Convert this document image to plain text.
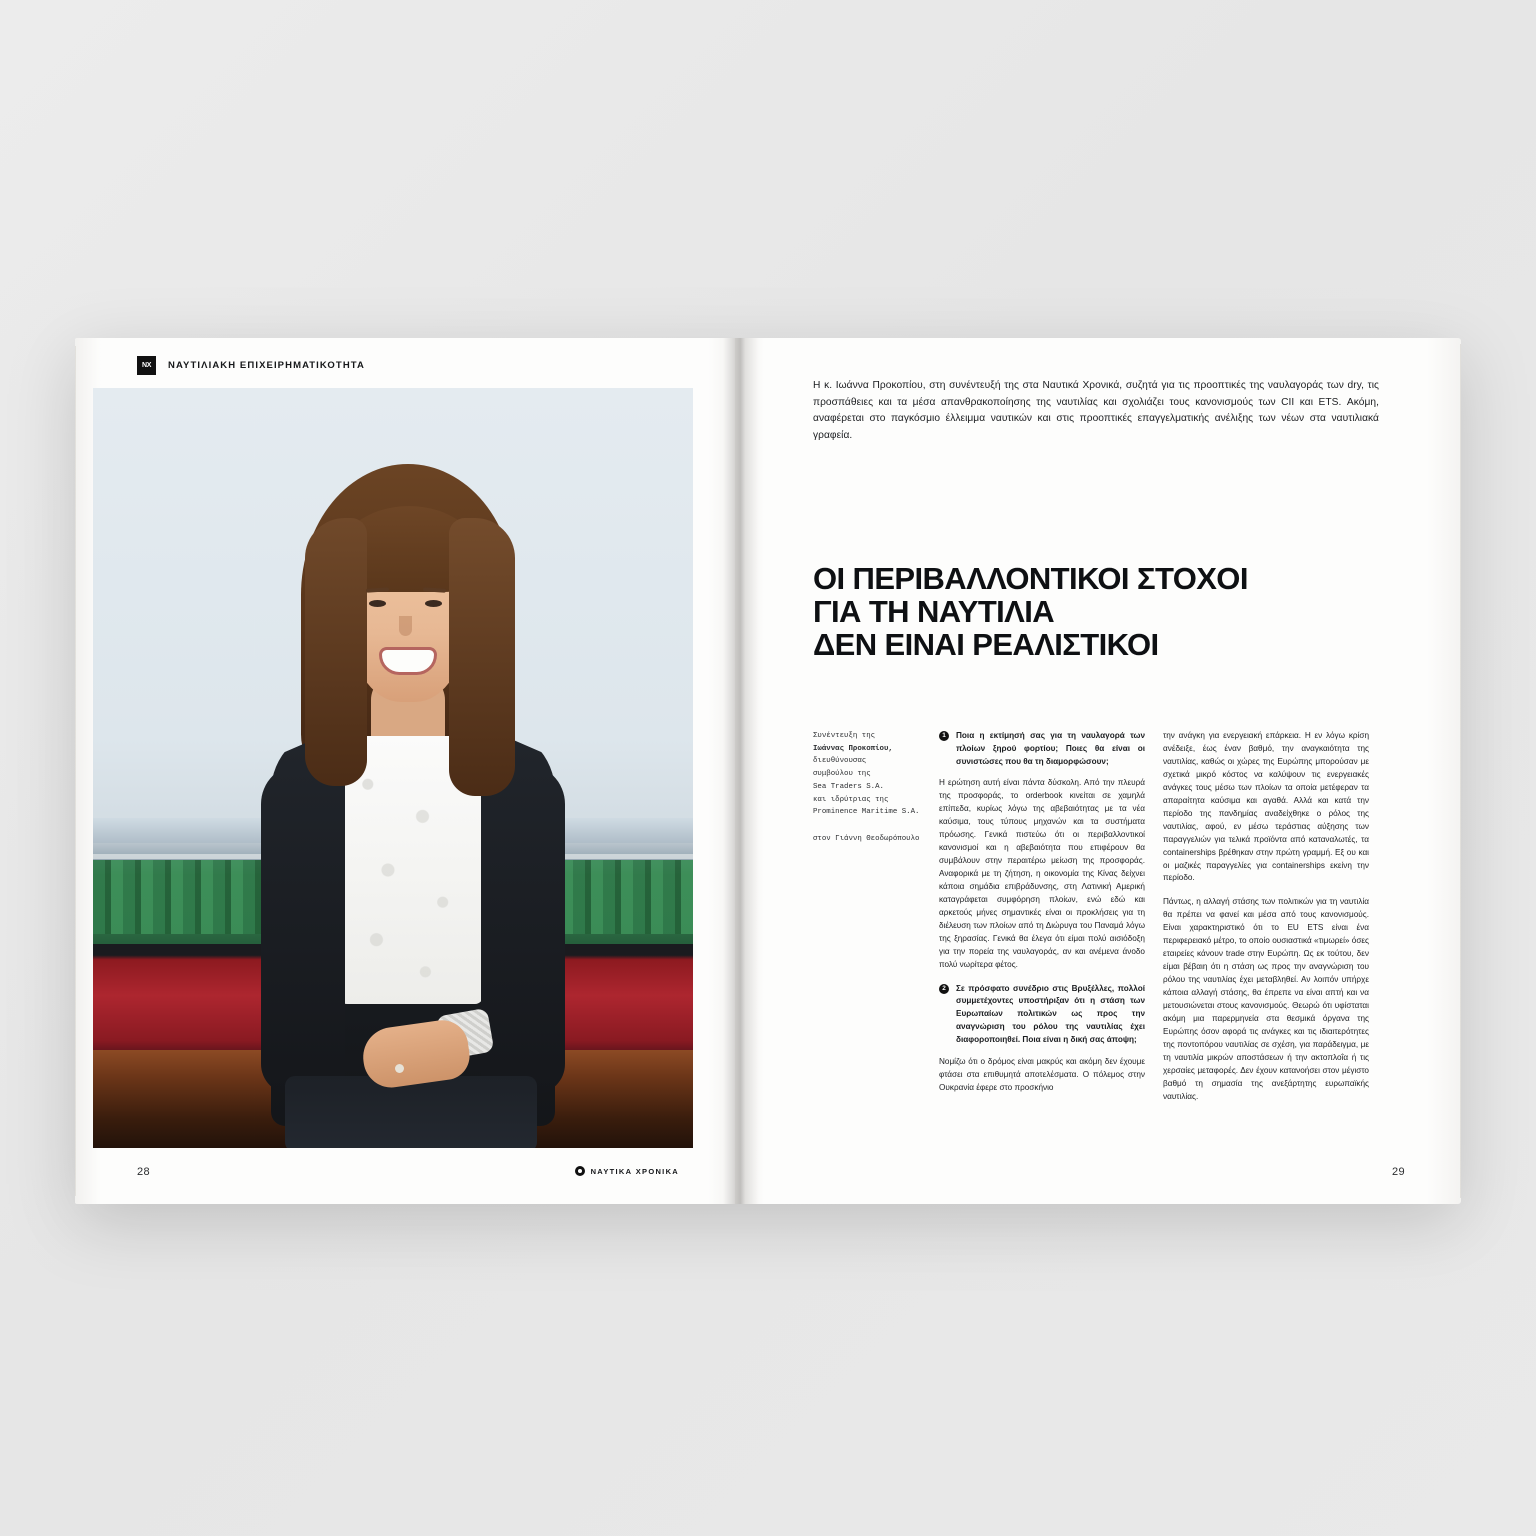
NX	ΝΑΥΤΙΛΙΑΚΗ ΕΠΙΧΕΙΡΗΜΑΤΙΚΟΤΗΤΑ
28	ΝΑΥΤΙΚΑ ΧΡΟΝΙΚΑ
Η κ. Ιωάννα Προκοπίου, στη συνέντευξή της στα Ναυτικά Χρονικά, συζητά για τις προοπτικές της ναυλαγοράς των dry, τις προσπάθειες και τα μέσα απανθρακοποίησης της ναυτιλίας και σχολιάζει τους κανονισμούς των CII και ETS. Ακόμη, αναφέρεται στο παγκόσμιο έλλειμμα ναυτικών και στις προοπτικές επαγγελματικής ανέλιξης των νέων στα ναυτιλιακά γραφεία.
ΟΙ ΠΕΡΙΒΑΛΛΟΝΤΙΚΟΙ ΣΤΟΧΟΙ
ΓΙΑ ΤΗ ΝΑΥΤΙΛΙΑ
ΔΕΝ ΕΙΝΑΙ ΡΕΑΛΙΣΤΙΚΟΙ
Συνέντευξη της
Ιωάννας Προκοπίου,
διευθύνουσας
συμβούλου της
Sea Traders S.A.
και ιδρύτριας της
Prominence Maritime S.A.
στον Γιάννη Θεοδωρόπουλο
1	Ποια η εκτίμησή σας για τη ναυλαγορά των πλοίων ξηρού φορτίου; Ποιες θα είναι οι συνιστώσες που θα τη διαμορφώσουν;
Η ερώτηση αυτή είναι πάντα δύσκολη. Από την πλευρά της προσφοράς, το orderbook κινείται σε χαμηλά επίπεδα, κυρίως λόγω της αβεβαιότητας με τα νέα καύσιμα, τους τύπους μηχανών και τα συστήματα πρόωσης. Γενικά πιστεύω ότι οι περιβαλλοντικοί κανονισμοί και η αβεβαιότητα που επιφέρουν θα συμβάλουν στην περαιτέρω μείωση της προσφοράς. Αναφορικά με τη ζήτηση, η οικονομία της Κίνας δείχνει κάποια σημάδια επιβράδυνσης, στη Λατινική Αμερική καταγράφεται συμφόρηση πλοίων, ενώ εδώ και αρκετούς μήνες σημαντικές είναι οι προκλήσεις για τη διέλευση των πλοίων από τη Διώρυγα του Παναμά λόγω της ξηρασίας. Γενικά θα έλεγα ότι είμαι πολύ αισιόδοξη για την πορεία της ναυλαγοράς, αν και ανέμενα άνοδο πολύ νωρίτερα φέτος.
2	Σε πρόσφατο συνέδριο στις Βρυξέλλες, πολλοί συμμετέχοντες υποστήριξαν ότι η στάση των Ευρωπαίων πολιτικών ως προς την αναγνώριση του ρόλου της ναυτιλίας έχει διαφοροποιηθεί. Ποια είναι η δική σας άποψη;
Νομίζω ότι ο δρόμος είναι μακρύς και ακόμη δεν έχουμε φτάσει στα επιθυμητά αποτελέσματα. Ο πόλεμος στην Ουκρανία έφερε στο προσκήνιο
την ανάγκη για ενεργειακή επάρκεια. Η εν λόγω κρίση ανέδειξε, έως έναν βαθμό, την αναγκαιότητα της ναυτιλίας, καθώς οι χώρες της Ευρώπης μπορούσαν με σχετικά μικρό κόστος να καλύψουν τις ενεργειακές ανάγκες τους μέσω των πλοίων τα οποία μετέφεραν τα απαραίτητα καύσιμα και αγαθά. Αλλά και κατά την περίοδο της πανδημίας αναδείχθηκε ο ρόλος της ναυτιλίας, αφού, εν μέσω τεράστιας αύξησης των παραγγελιών για τελικά προϊόντα από καταναλωτές, τα containerships βρέθηκαν στην πρώτη γραμμή. Εξ ου και οι μαζικές παραγγελίες για containerships εκείνη την περίοδο.
Πάντως, η αλλαγή στάσης των πολιτικών για τη ναυτιλία θα πρέπει να φανεί και μέσα από τους κανονισμούς. Είναι χαρακτηριστικό ότι το EU ETS είναι ένα περιφερειακό μέτρο, το οποίο ουσιαστικά «τιμωρεί» όσες εταιρείες κάνουν trade στην Ευρώπη. Ως εκ τούτου, δεν είμαι βέβαιη ότι η στάση ως προς την αναγνώριση του ρόλου της ναυτιλίας έχει μεταβληθεί. Αν λοιπόν υπήρχε κάποια αλλαγή στάσης, θα έπρεπε να είναι απτή και να μετουσιώνεται στους κανονισμούς. Θεωρώ ότι υφίσταται ακόμη μια παρερμηνεία στα θεσμικά όργανα της Ευρώπης όσον αφορά τις ανάγκες και τις ιδιαιτερότητες της ποντοπόρου ναυτιλίας σε σχέση, για παράδειγμα, με τη ναυτιλία μικρών αποστάσεων ή την ακτοπλοΐα ή τις χερσαίες μεταφορές. Δεν έχουν κατανοήσει στον μέγιστο βαθμό τη σημασία της ανεξάρτητης ευρωπαϊκής ναυτιλίας.
29
